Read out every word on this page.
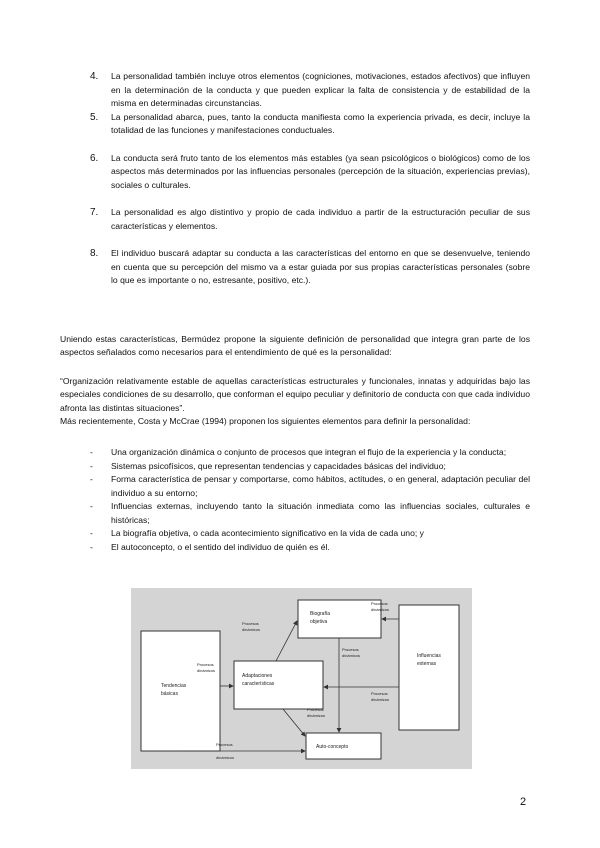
4. La personalidad también incluye otros elementos (cogniciones, motivaciones, estados afectivos) que influyen en la determinación de la conducta y que pueden explicar la falta de consistencia y de estabilidad de la misma en determinadas circunstancias.
5. La personalidad abarca, pues, tanto la conducta manifiesta como la experiencia privada, es decir, incluye la totalidad de las funciones y manifestaciones conductuales.
6. La conducta será fruto tanto de los elementos más estables (ya sean psicológicos o biológicos) como de los aspectos más determinados por las influencias personales (percepción de la situación, experiencias previas), sociales o culturales.
7. La personalidad es algo distintivo y propio de cada individuo a partir de la estructuración peculiar de sus características y elementos.
8. El individuo buscará adaptar su conducta a las características del entorno en que se desenvuelve, teniendo en cuenta que su percepción del mismo va a estar guiada por sus propias características personales (sobre lo que es importante o no, estresante, positivo, etc.).

Uniendo estas características, Bermúdez propone la siguiente definición de personalidad que integra gran parte de los aspectos señalados como necesarios para el entendimiento de qué es la personalidad:

“Organización relativamente estable de aquellas características estructurales y funcionales, innatas y adquiridas bajo las especiales condiciones de su desarrollo, que conforman el equipo peculiar y definitorio de conducta con que cada individuo afronta las distintas situaciones”.

Más recientemente, Costa y McCrae (1994) proponen los siguientes elementos para definir la personalidad:

- Una organización dinámica o conjunto de procesos que integran el flujo de la experiencia y la conducta;
- Sistemas psicofísicos, que representan tendencias y capacidades básicas del individuo;
- Forma característica de pensar y comportarse, como hábitos, actitudes, o en general, adaptación peculiar del individuo a su entorno;
- Influencias externas, incluyendo tanto la situación inmediata como las influencias sociales, culturales e históricas;
- La biografía objetiva, o cada acontecimiento significativo en la vida de cada uno; y
- El autoconcepto, o el sentido del individuo de quién es él.
Tendencias
básicas
Adaptaciones
características
Biografía
objetiva
Auto-concepto
Influencias
externas
Procesos
dinámicos
Procesos
dinámicos
Procesos
dinámicos
Procesos
dinámicos
Procesos
dinámicos
Procesos
dinámicos
Procesos
dinámicos
2
